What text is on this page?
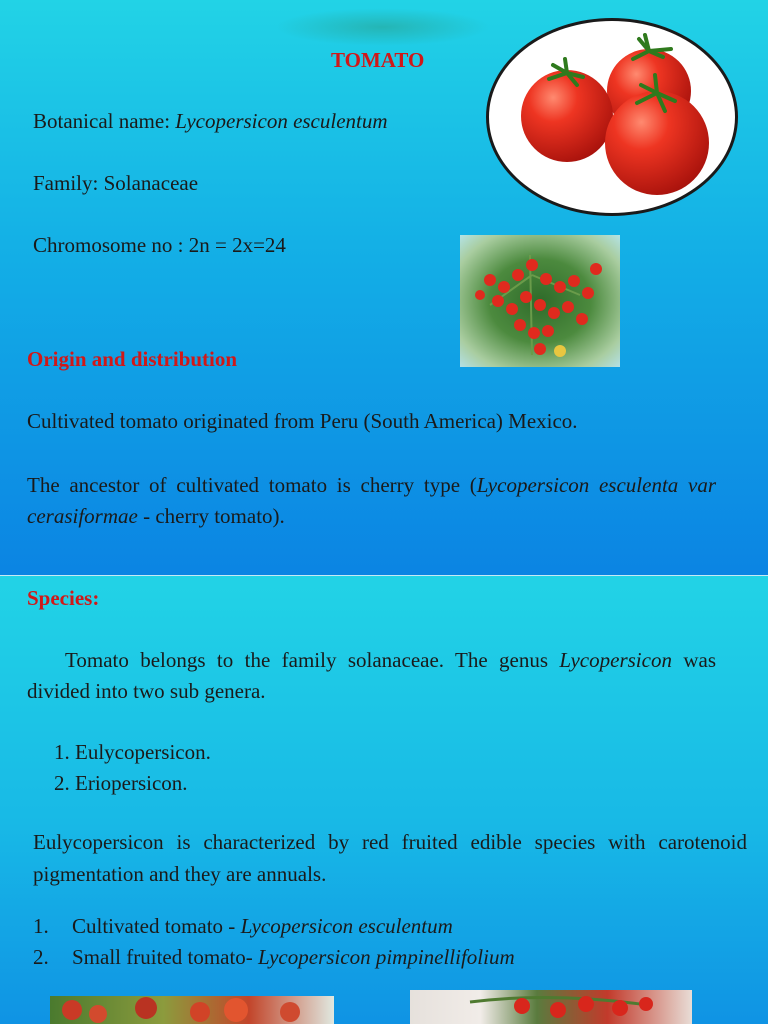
TOMATO
Botanical name: Lycopersicon esculentum
Family: Solanaceae
Chromosome no : 2n = 2x=24
Origin and distribution
Cultivated tomato originated from Peru (South America) Mexico.
The ancestor of cultivated tomato is cherry type (Lycopersicon esculenta var cerasiformae - cherry tomato).
Species:
Tomato belongs to the family solanaceae. The genus Lycopersicon was divided into two sub genera.
1. Eulycopersicon.
2. Eriopersicon.
Eulycopersicon is characterized by red fruited edible species with carotenoid pigmentation and they are annuals.
1. Cultivated tomato - Lycopersicon esculentum
2. Small fruited tomato- Lycopersicon pimpinellifolium
